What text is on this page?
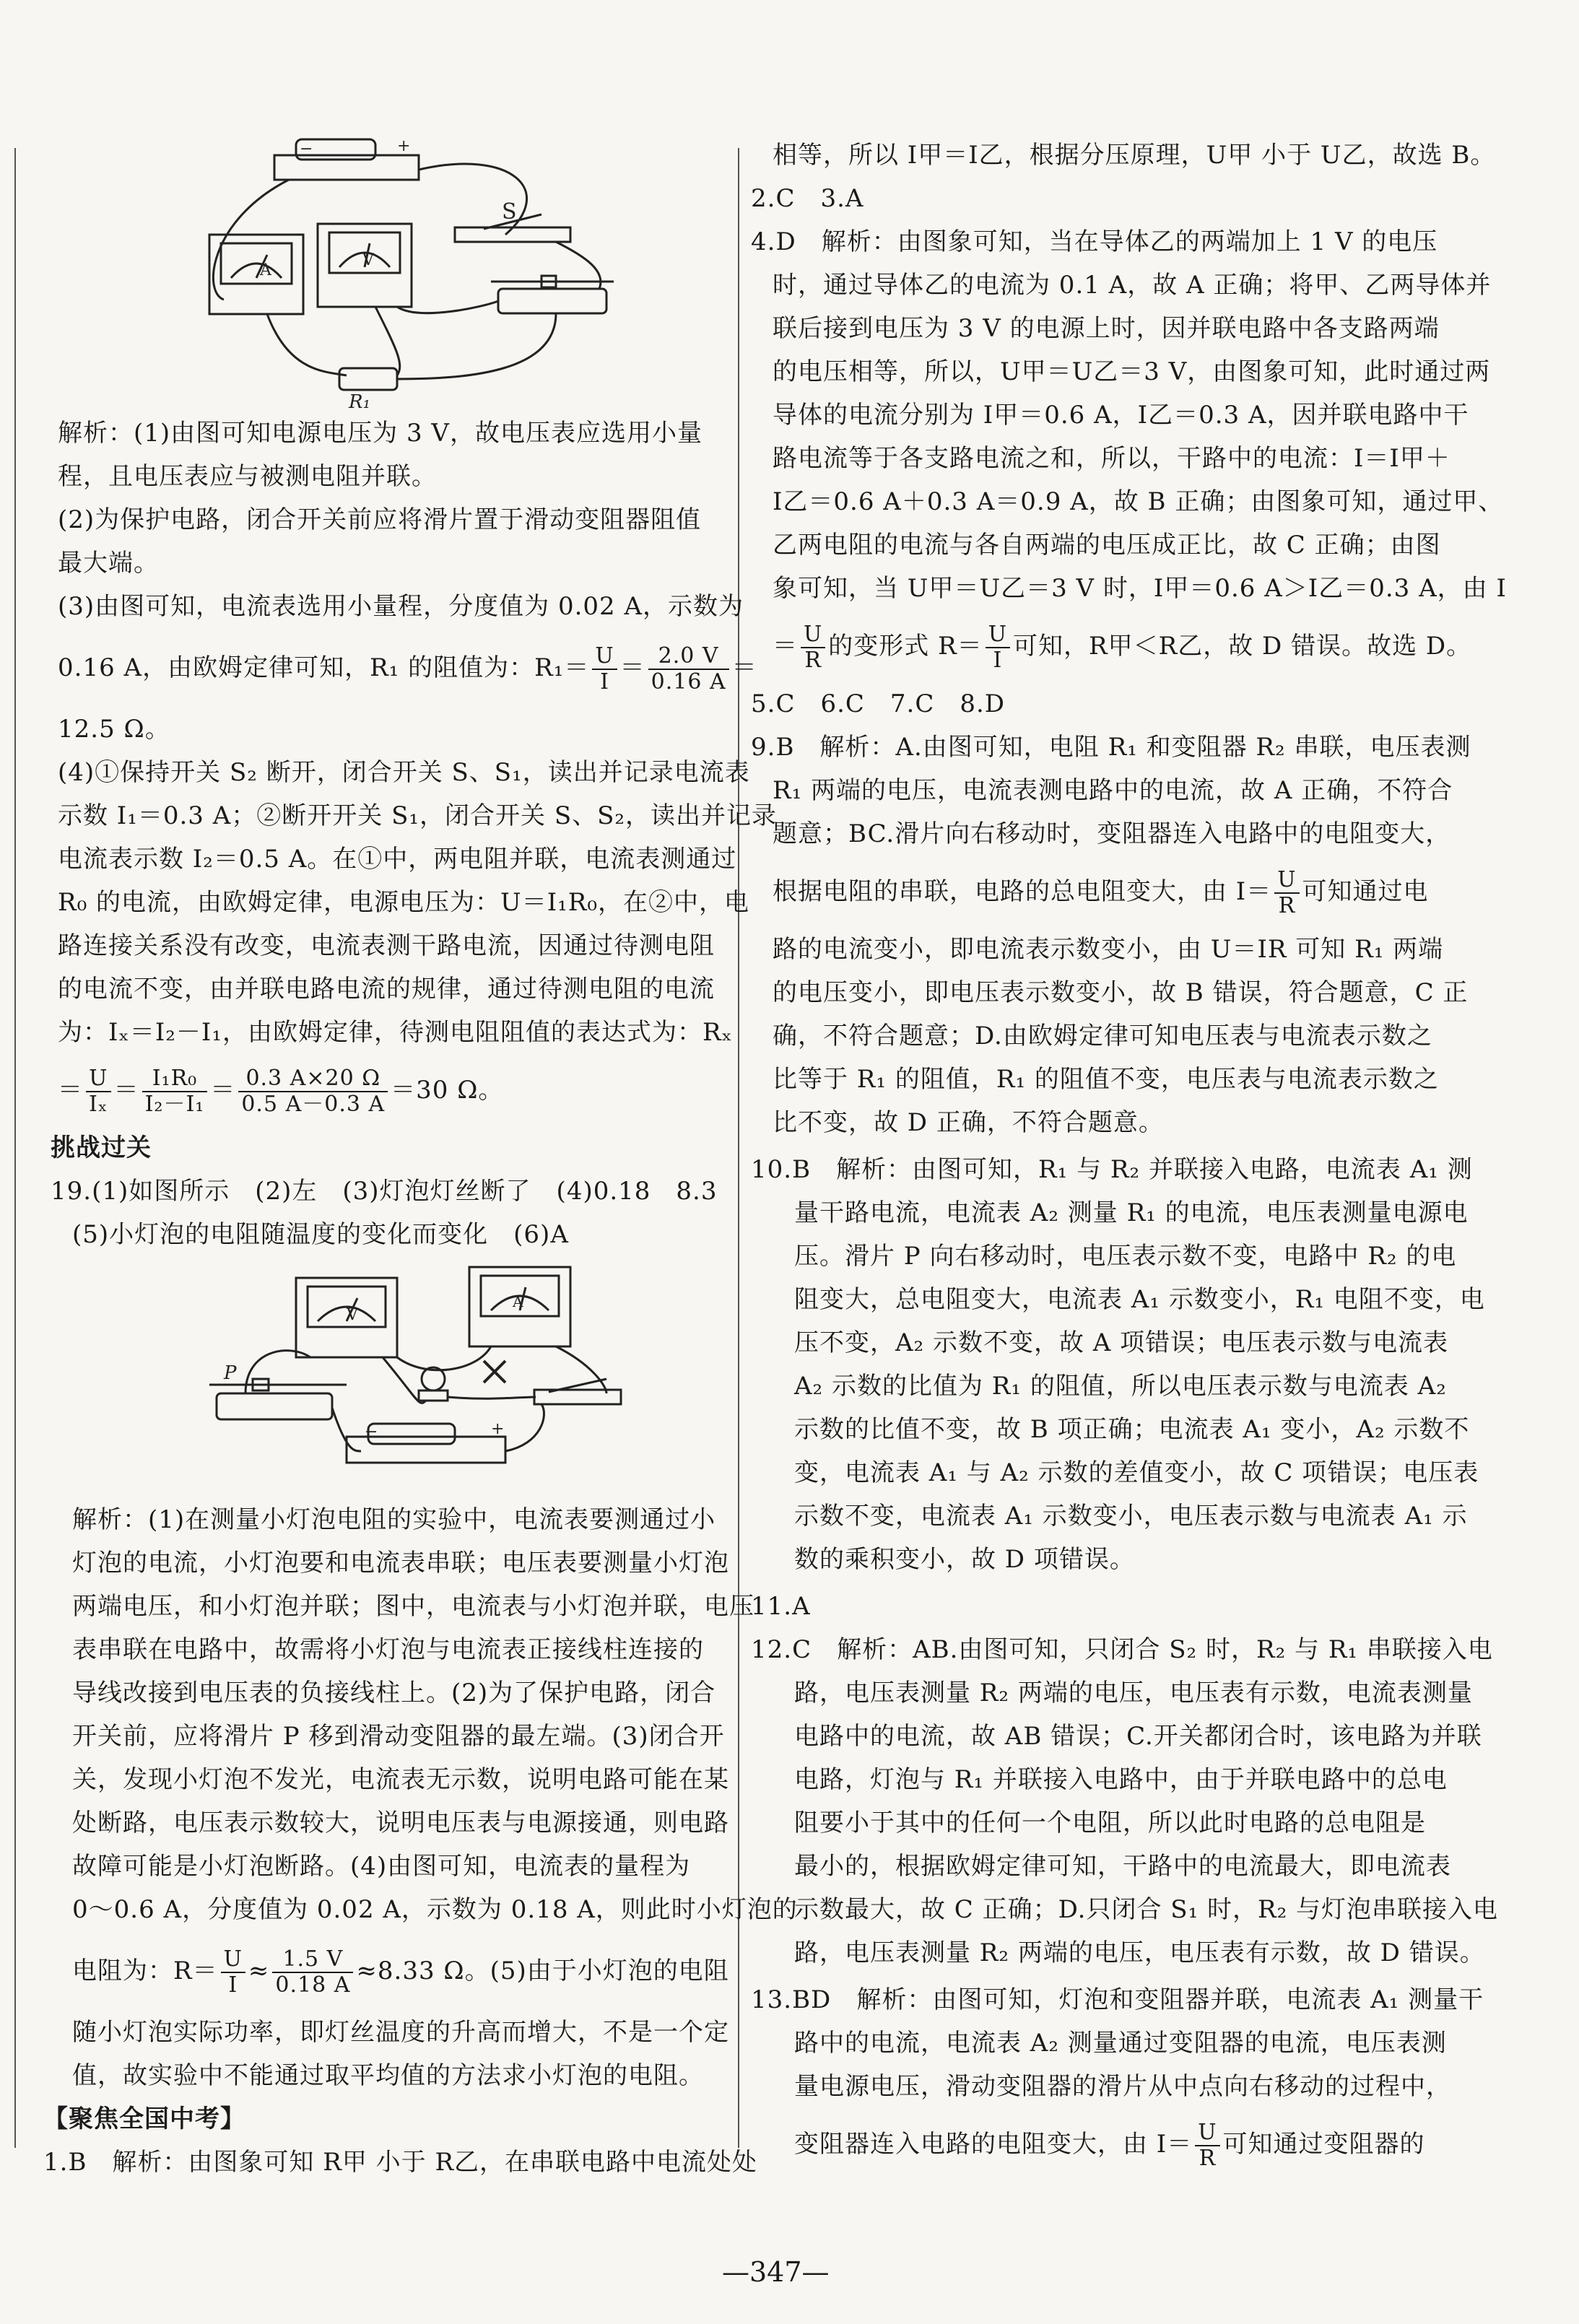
−	+
A
V
S
R₁
解析：(1)由图可知电源电压为 3 V，故电压表应选用小量
程，且电压表应与被测电阻并联。
(2)为保护电路，闭合开关前应将滑片置于滑动变阻器阻值
最大端。
(3)由图可知，电流表选用小量程，分度值为 0.02 A，示数为
0.16 A，由欧姆定律可知，R₁ 的阻值为：$R_1= \frac{U}{I} = \frac{2.0 V}{0.16 A}$ ＝
12.5 Ω。
(4)①保持开关 S₂ 断开，闭合开关 S、S₁，读出并记录电流表
示数 I₁＝0.3 A；②断开开关 S₁，闭合开关 S、S₂，读出并记录
电流表示数 I₂＝0.5 A。在①中，两电阻并联，电流表测通过
R₀ 的电流，由欧姆定律，电源电压为：U＝I₁R₀，在②中，电
路连接关系没有改变，电流表测干路电流，因通过待测电阻
的电流不变，由并联电路电流的规律，通过待测电阻的电流
为：Iₓ＝I₂－I₁，由欧姆定律，待测电阻阻值的表达式为：Rₓ
＝ $\frac{U}{\text{Iₓ}} = \frac{\text{I₁R₀}}{\text{I₂－I₁}} = \frac{0.3 A\times 20 \Omega}{0.5 A-0.3 A} =30$ Ω。
挑战过关
19.(1)如图所示　(2)左　(3)灯泡灯丝断了　(4)0.18　8.3
(5)小灯泡的电阻随温度的变化而变化　(6)A
V
A
P
−	+
解析：(1)在测量小灯泡电阻的实验中，电流表要测通过小
灯泡的电流，小灯泡要和电流表串联；电压表要测量小灯泡
两端电压，和小灯泡并联；图中，电流表与小灯泡并联，电压
表串联在电路中，故需将小灯泡与电流表正接线柱连接的
导线改接到电压表的负接线柱上。(2)为了保护电路，闭合
开关前，应将滑片 P 移到滑动变阻器的最左端。(3)闭合开
关，发现小灯泡不发光，电流表无示数，说明电路可能在某
处断路，电压表示数较大，说明电压表与电源接通，则电路
故障可能是小灯泡断路。(4)由图可知，电流表的量程为
0～0.6 A，分度值为 0.02 A，示数为 0.18 A，则此时小灯泡的
电阻为：$R= \frac{U}{I} \approx \frac{1.5 V}{0.18 A} \approx 8.33$ Ω。(5)由于小灯泡的电阻
随小灯泡实际功率，即灯丝温度的升高而增大，不是一个定
值，故实验中不能通过取平均值的方法求小灯泡的电阻。
【聚焦全国中考】
1.B　解析：由图象可知 R甲 小于 R乙，在串联电路中电流处处
相等，所以 I甲＝I乙，根据分压原理，U甲 小于 U乙，故选 B。
2.C　3.A
4.D　解析：由图象可知，当在导体乙的两端加上 1 V 的电压
时，通过导体乙的电流为 0.1 A，故 A 正确；将甲、乙两导体并
联后接到电压为 3 V 的电源上时，因并联电路中各支路两端
的电压相等，所以，U甲＝U乙＝3 V，由图象可知，此时通过两
导体的电流分别为 I甲＝0.6 A，I乙＝0.3 A，因并联电路中干
路电流等于各支路电流之和，所以，干路中的电流：I＝I甲＋
I乙＝0.6 A＋0.3 A＝0.9 A，故 B 正确；由图象可知，通过甲、
乙两电阻的电流与各自两端的电压成正比，故 C 正确；由图
象可知，当 U甲＝U乙＝3 V 时，I甲＝0.6 A＞I乙＝0.3 A，由 I
＝ $\frac{U}{R}$ 的变形式 $R= \frac{U}{I}$ 可知，R甲＜R乙，故 D 错误。故选 D。
5.C　6.C　7.C　8.D
9.B　解析：A.由图可知，电阻 R₁ 和变阻器 R₂ 串联，电压表测
R₁ 两端的电压，电流表测电路中的电流，故 A 正确，不符合
题意；BC.滑片向右移动时，变阻器连入电路中的电阻变大，
根据电阻的串联，电路的总电阻变大，由 $I= \frac{U}{R}$ 可知通过电
路的电流变小，即电流表示数变小，由 U＝IR 可知 R₁ 两端
的电压变小，即电压表示数变小，故 B 错误，符合题意，C 正
确，不符合题意；D.由欧姆定律可知电压表与电流表示数之
比等于 R₁ 的阻值，R₁ 的阻值不变，电压表与电流表示数之
比不变，故 D 正确，不符合题意。
10.B　解析：由图可知，R₁ 与 R₂ 并联接入电路，电流表 A₁ 测
量干路电流，电流表 A₂ 测量 R₁ 的电流，电压表测量电源电
压。滑片 P 向右移动时，电压表示数不变，电路中 R₂ 的电
阻变大，总电阻变大，电流表 A₁ 示数变小，R₁ 电阻不变，电
压不变，A₂ 示数不变，故 A 项错误；电压表示数与电流表
A₂ 示数的比值为 R₁ 的阻值，所以电压表示数与电流表 A₂
示数的比值不变，故 B 项正确；电流表 A₁ 变小，A₂ 示数不
变，电流表 A₁ 与 A₂ 示数的差值变小，故 C 项错误；电压表
示数不变，电流表 A₁ 示数变小，电压表示数与电流表 A₁ 示
数的乘积变小，故 D 项错误。
11.A
12.C　解析：AB.由图可知，只闭合 S₂ 时，R₂ 与 R₁ 串联接入电
路，电压表测量 R₂ 两端的电压，电压表有示数，电流表测量
电路中的电流，故 AB 错误；C.开关都闭合时，该电路为并联
电路，灯泡与 R₁ 并联接入电路中，由于并联电路中的总电
阻要小于其中的任何一个电阻，所以此时电路的总电阻是
最小的，根据欧姆定律可知，干路中的电流最大，即电流表
示数最大，故 C 正确；D.只闭合 S₁ 时，R₂ 与灯泡串联接入电
路，电压表测量 R₂ 两端的电压，电压表有示数，故 D 错误。
13.BD　解析：由图可知，灯泡和变阻器并联，电流表 A₁ 测量干
路中的电流，电流表 A₂ 测量通过变阻器的电流，电压表测
量电源电压，滑动变阻器的滑片从中点向右移动的过程中，
变阻器连入电路的电阻变大，由 $I= \frac{U}{R}$ 可知通过变阻器的
—347—
